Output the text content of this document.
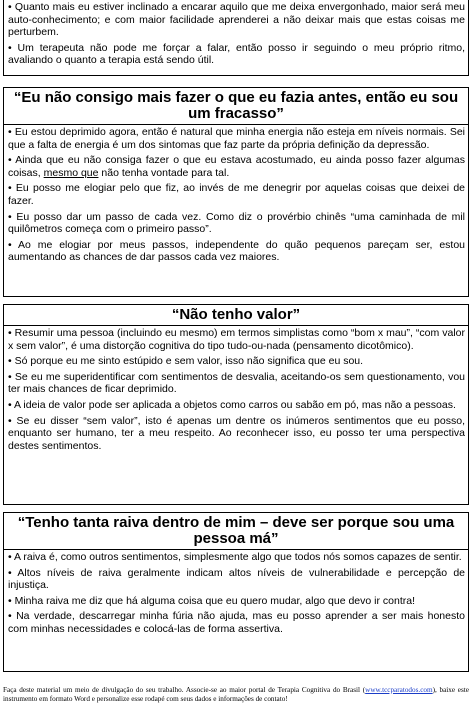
• Quanto mais eu estiver inclinado a encarar aquilo que me deixa envergonhado, maior será meu auto-conhecimento; e com maior facilidade aprenderei a não deixar mais que estas coisas me perturbem.
• Um terapeuta não pode me forçar a falar, então posso ir seguindo o meu próprio ritmo, avaliando o quanto a terapia está sendo útil.
“Eu não consigo mais fazer o que eu fazia antes, então eu sou um fracasso”
• Eu estou deprimido agora, então é natural que minha energia não esteja em níveis normais. Sei que a falta de energia é um dos sintomas que faz parte da própria definição da depressão.
• Ainda que eu não consiga fazer o que eu estava acostumado, eu ainda posso fazer algumas coisas, mesmo que não tenha vontade para tal.
• Eu posso me elogiar pelo que fiz, ao invés de me denegrir por aquelas coisas que deixei de fazer.
• Eu posso dar um passo de cada vez. Como diz o provérbio chinês “uma caminhada de mil quilômetros começa com o primeiro passo”.
• Ao me elogiar por meus passos, independente do quão pequenos pareçam ser, estou aumentando as chances de dar passos cada vez maiores.
“Não tenho valor”
• Resumir uma pessoa (incluindo eu mesmo) em termos simplistas como “bom x mau”, “com valor x sem valor”, é uma distorção cognitiva do tipo tudo-ou-nada (pensamento dicotômico).
• Só porque eu me sinto estúpido e sem valor, isso não significa que eu sou.
• Se eu me superidentificar com sentimentos de desvalia, aceitando-os sem questionamento, vou ter mais chances de ficar deprimido.
• A ideia de valor pode ser aplicada a objetos como carros ou sabão em pó, mas não a pessoas.
• Se eu disser “sem valor”, isto é apenas um dentre os inúmeros sentimentos que eu posso, enquanto ser humano, ter a meu respeito. Ao reconhecer isso, eu posso ter uma perspectiva destes sentimentos.
“Tenho tanta raiva dentro de mim – deve ser porque sou uma pessoa má”
• A raiva é, como outros sentimentos, simplesmente algo que todos nós somos capazes de sentir.
• Altos níveis de raiva geralmente indicam altos níveis de vulnerabilidade e percepção de injustiça.
• Minha raiva me diz que há alguma coisa que eu quero mudar, algo que devo ir contra!
• Na verdade, descarregar minha fúria não ajuda, mas eu posso aprender a ser mais honesto com minhas necessidades e colocá-las de forma assertiva.
Faça deste material um meio de divulgação do seu trabalho. Associe-se ao maior portal de Terapia Cognitiva do Brasil (www.tccparatodos.com), baixe este instrumento em formato Word e personalize esse rodapé com seus dados e informações de contato!
